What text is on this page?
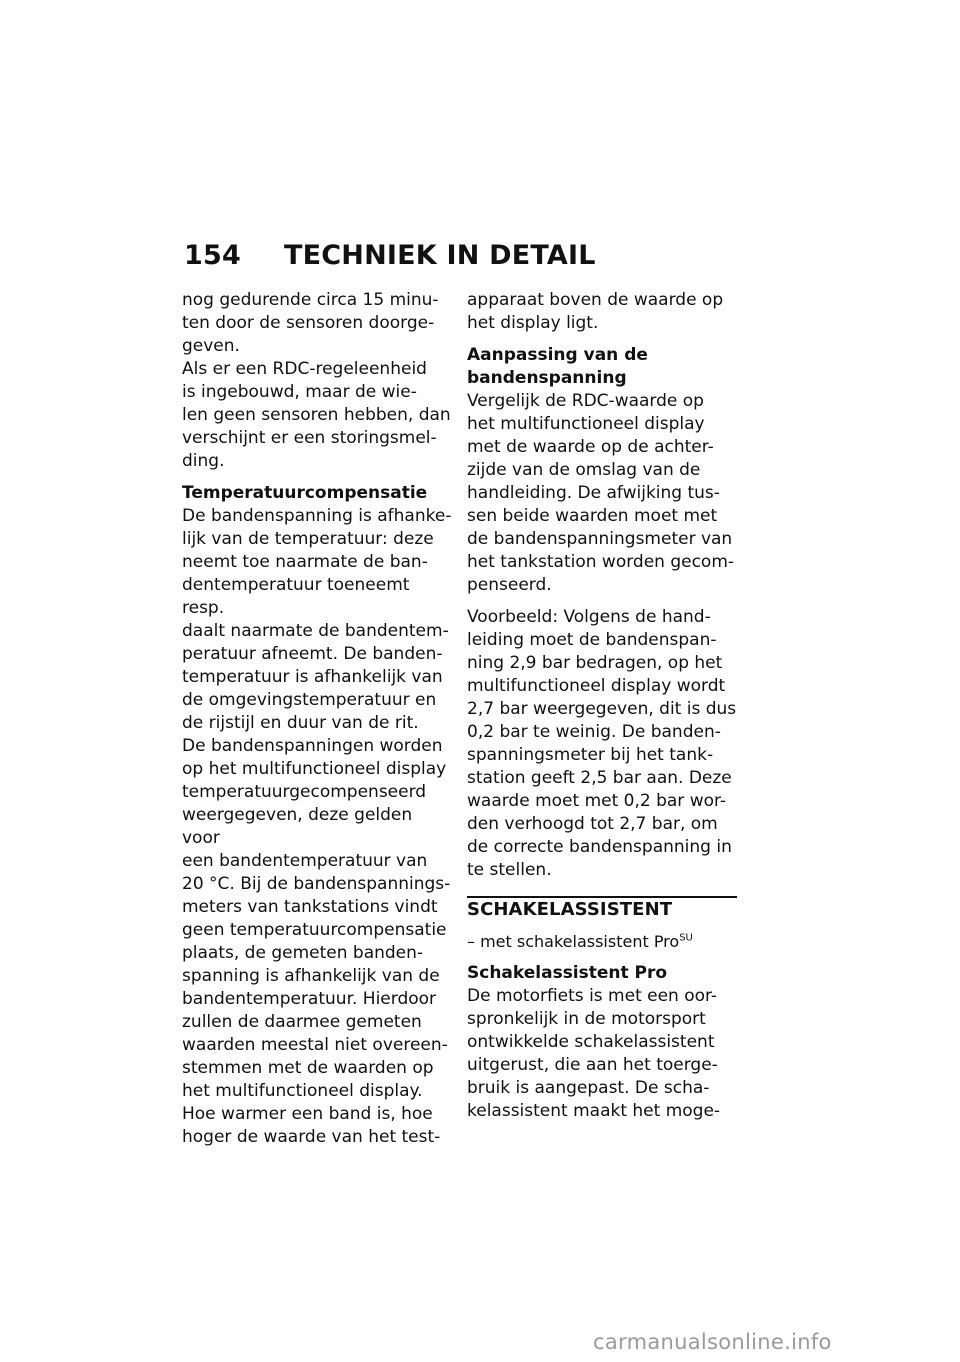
154 TECHNIEK IN DETAIL

nog gedurende circa 15 minu-
ten door de sensoren doorge-
geven.

Als er een RDC-regeleenheid
is ingebouwd, maar de wie-
len geen sensoren hebben, dan
verschijnt er een storingsmel-
ding.

Temperatuurcompensatie

De bandenspanning is afhanke-
lijk van de temperatuur: deze
neemt toe naarmate de ban-
dentemperatuur toeneemt resp.
daalt naarmate de bandentem-
peratuur afneemt. De banden-
temperatuur is afhankelijk van
de omgevingstemperatuur en
de rijstijl en duur van de rit.

De bandenspanningen worden
op het multifunctioneel display
temperatuurgecompenseerd
weergegeven, deze gelden voor
een bandentemperatuur van
20 °C. Bij de bandenspannings-
meters van tankstations vindt
geen temperatuurcompensatie
plaats, de gemeten banden-
spanning is afhankelijk van de
bandentemperatuur. Hierdoor
zullen de daarmee gemeten
waarden meestal niet overeen-
stemmen met de waarden op
het multifunctioneel display.
Hoe warmer een band is, hoe
hoger de waarde van het test-

apparaat boven de waarde op
het display ligt.

Aanpassing van de
bandenspanning

Vergelijk de RDC-waarde op
het multifunctioneel display
met de waarde op de achter-
zijde van de omslag van de
handleiding. De afwijking tus-
sen beide waarden moet met
de bandenspanningsmeter van
het tankstation worden gecom-
penseerd.

Voorbeeld: Volgens de hand-
leiding moet de bandenspan-
ning 2,9 bar bedragen, op het
multifunctioneel display wordt
2,7 bar weergegeven, dit is dus
0,2 bar te weinig. De banden-
spanningsmeter bij het tank-
station geeft 2,5 bar aan. Deze
waarde moet met 0,2 bar wor-
den verhoogd tot 2,7 bar, om
de correcte bandenspanning in
te stellen.

SCHAKELASSISTENT

– met schakelassistent Pro$^{SU}$

Schakelassistent Pro

De motorfiets is met een oor-
spronkelijk in de motorsport
ontwikkelde schakelassistent
uitgerust, die aan het toerge-
bruik is aangepast. De scha-
kelassistent maakt het moge-

carmanualsonline.info
